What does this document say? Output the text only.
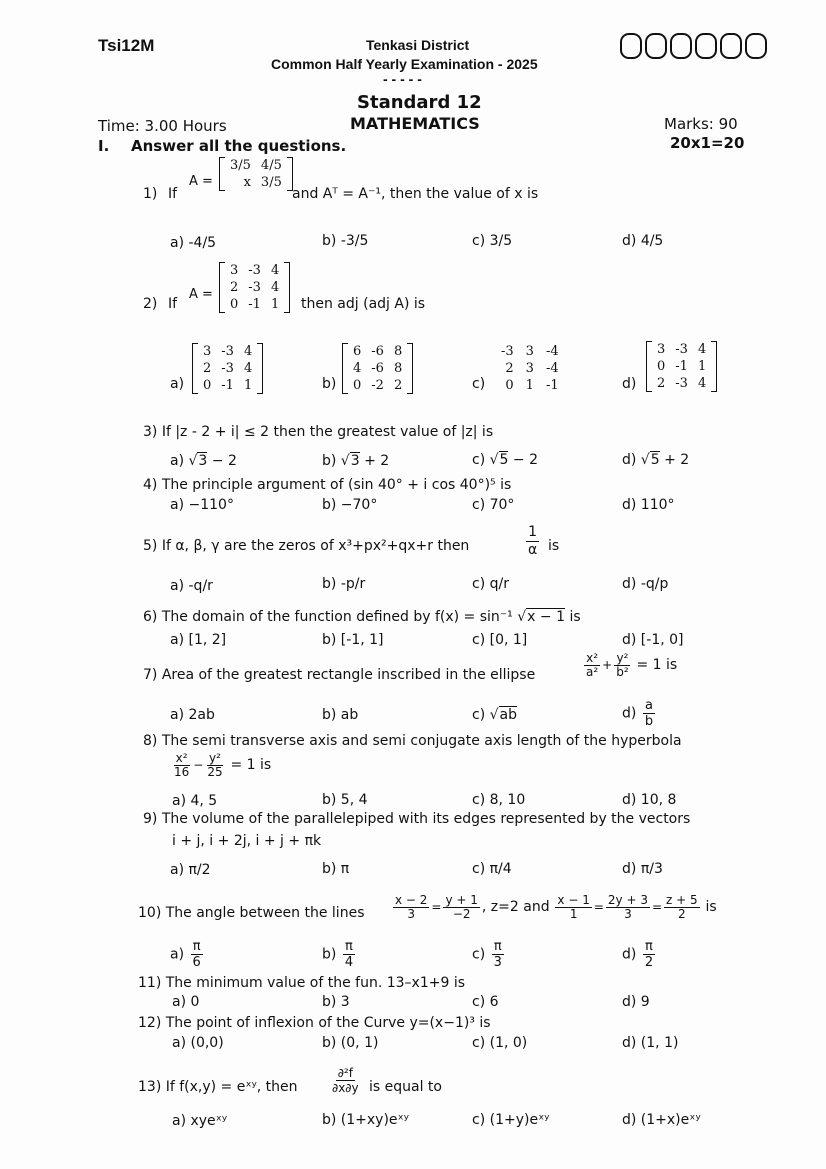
Tsi12M	Tenkasi District
Common Half Yearly Examination - 2025
- - - - -
Standard 12
MATHEMATICS
Time: 3.00 Hours	Marks: 90
I. Answer all the questions.	20x1=20
1) If
A =
3/5	4/5
x	3/5
and Aᵀ = A⁻¹, then the value of x is
a) -4/5	b) -3/5	c) 3/5	d) 4/5
2) If
A =
3	-3	4
2	-3	4
0	-1	1 then adj (adj A) is
a)
3	-3	4
2	-3	4
0	-1	1	b)
6	-6	8
4	-6	8
0	-2	2	c)
-3	3	-4
2	3	-4
0	1	-1	d)
3	-3	4
0	-1	1
2	-3	4
3) If |z - 2 + i| ≤ 2 then the greatest value of |z| is
a) √3 − 2	b) √3 + 2	c) √5 − 2	d) √5 + 2
4) The principle argument of (sin 40° + i cos 40°)⁵ is
a) −110°	b) −70°	c) 70°	d) 110°
5) If α, β, γ are the zeros of x³+px²+qx+r then	$\frac{1}{\alpha}$ is
a) -q/r	b) -p/r	c) q/r	d) -q/p
6) The domain of the function defined by f(x) = sin⁻¹ √x − 1 is
a) [1, 2]	b) [-1, 1]	c) [0, 1]	d) [-1, 0]
7) Area of the greatest rectangle inscribed in the ellipse	$\frac{\text{x²}}{\text{a²}} + \frac{\text{y²}}{\text{b²}} = 1$ is
a) 2ab	b) ab	c) √ab	$d) \frac{a}{b}$
8) The semi transverse axis and semi conjugate axis length of the hyperbola
$\frac{\text{x²}}{16} - \frac{\text{y²}}{25} = 1$ is
a) 4, 5	b) 5, 4	c) 8, 10	d) 10, 8
9) The volume of the parallelepiped with its edges represented by the vectors
i + j, i + 2j, i + j + πk
a) π/2	b) π	c) π/4	d) π/3
10) The angle between the lines $\frac{x - 2}{3} = \frac{y + 1}{-2}$ , z=2 and $\frac{x - 1}{1} = \frac{2y + 3}{3} = \frac{z + 5}{2}$ is
$a) \frac{\pi}{6}$	$b) \frac{\pi}{4}$	$c) \frac{\pi}{3}$	$d) \frac{\pi}{2}$
11) The minimum value of the fun. 13–x1+9 is
a) 0	b) 3	c) 6	d) 9
12) The point of inflexion of the Curve y=(x−1)³ is
a) (0,0)	b) (0, 1)	c) (1, 0)	d) (1, 1)
13) If f(x,y) = eˣʸ, then	$\frac{\text{∂²f}}{\partial x\partial y}$ is equal to
a) xyeˣʸ	b) (1+xy)eˣʸ	c) (1+y)eˣʸ	d) (1+x)eˣʸ
